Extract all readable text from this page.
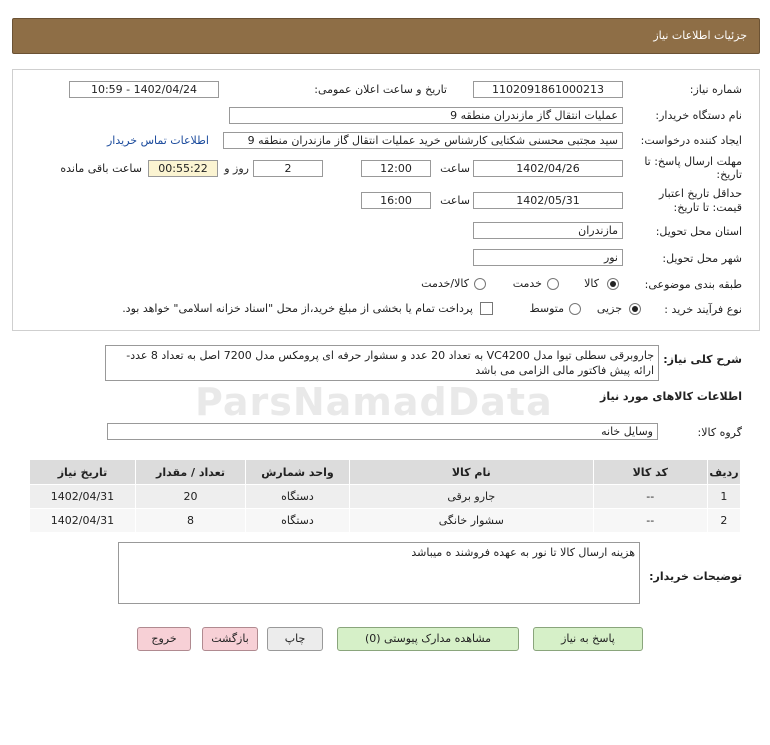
جزئیات اطلاعات نیاز
شماره نیاز:
1102091861000213
تاریخ و ساعت اعلان عمومی:
1402/04/24 - 10:59
نام دستگاه خریدار:
عملیات انتقال گاز مازندران منطقه 9
ایجاد کننده درخواست:
سید مجتبی محسنی شکتایی کارشناس خرید عملیات انتقال گاز مازندران منطقه 9
اطلاعات تماس خریدار
مهلت ارسال پاسخ: تا
تاریخ:
1402/04/26
ساعت
12:00
2
روز و
00:55:22
ساعت باقی مانده
حداقل تاریخ اعتبار
قیمت: تا تاریخ:
1402/05/31
ساعت
16:00
استان محل تحویل:
مازندران
شهر محل تحویل:
نور
طبقه بندی موضوعی:
کالا
خدمت
کالا/خدمت
نوع فرآیند خرید :
جزیی
متوسط
پرداخت تمام یا بخشی از مبلغ خرید،از محل "اسناد خزانه اسلامی" خواهد بود.
شرح کلی نیاز:
جاروبرقی سطلی تیوا مدل VC4200 به تعداد 20 عدد و سشوار حرفه ای پرومکس مدل 7200 اصل به تعداد 8 عدد-ارائه پیش فاکتور مالی الزامی می باشد
اطلاعات کالاهای مورد نیاز
گروه کالا:
وسایل خانه
ParsNamadData
ردیف	کد کالا	نام کالا	واحد شمارش	تعداد / مقدار	تاریخ نیاز
1	--	جارو برقی	دستگاه	20	1402/04/31
2	--	سشوار خانگی	دستگاه	8	1402/04/31
توضیحات خریدار:
هزینه ارسال کالا تا نور به عهده فروشند ه میباشد
پاسخ به نیاز
مشاهده مدارک پیوستی (0)
چاپ
بازگشت
خروج
